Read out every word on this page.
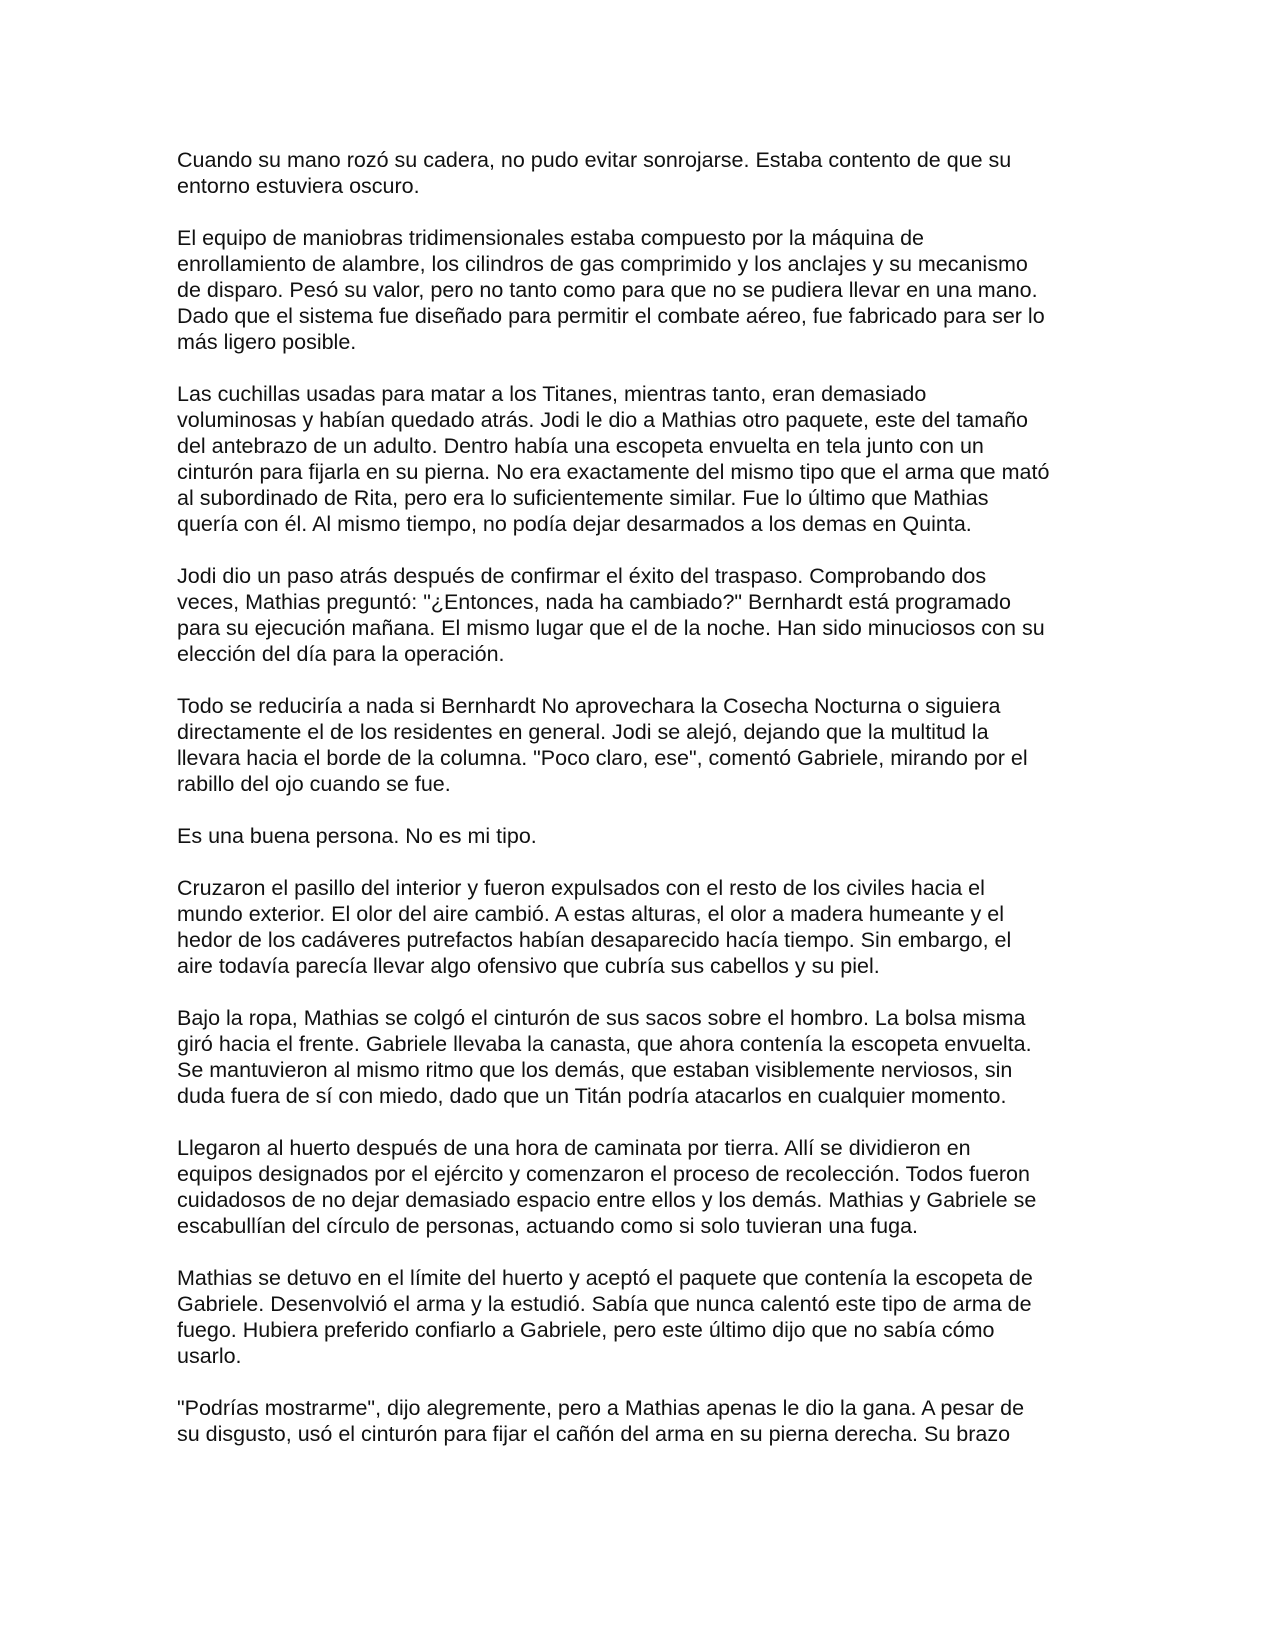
Cuando su mano rozó su cadera, no pudo evitar sonrojarse. Estaba contento de que su
entorno estuviera oscuro.

El equipo de maniobras tridimensionales estaba compuesto por la máquina de
enrollamiento de alambre, los cilindros de gas comprimido y los anclajes y su mecanismo
de disparo. Pesó su valor, pero no tanto como para que no se pudiera llevar en una mano.
Dado que el sistema fue diseñado para permitir el combate aéreo, fue fabricado para ser lo
más ligero posible.

Las cuchillas usadas para matar a los Titanes, mientras tanto, eran demasiado
voluminosas y habían quedado atrás. Jodi le dio a Mathias otro paquete, este del tamaño
del antebrazo de un adulto. Dentro había una escopeta envuelta en tela junto con un
cinturón para fijarla en su pierna. No era exactamente del mismo tipo que el arma que mató
al subordinado de Rita, pero era lo suficientemente similar. Fue lo último que Mathias
quería con él. Al mismo tiempo, no podía dejar desarmados a los demas en Quinta.

Jodi dio un paso atrás después de confirmar el éxito del traspaso. Comprobando dos
veces, Mathias preguntó: "¿Entonces, nada ha cambiado?" Bernhardt está programado
para su ejecución mañana. El mismo lugar que el de la noche. Han sido minuciosos con su
elección del día para la operación.

Todo se reduciría a nada si Bernhardt No aprovechara la Cosecha Nocturna o siguiera
directamente el de los residentes en general. Jodi se alejó, dejando que la multitud la
llevara hacia el borde de la columna. "Poco claro, ese", comentó Gabriele, mirando por el
rabillo del ojo cuando se fue.

Es una buena persona. No es mi tipo.

Cruzaron el pasillo del interior y fueron expulsados con el resto de los civiles hacia el
mundo exterior. El olor del aire cambió. A estas alturas, el olor a madera humeante y el
hedor de los cadáveres putrefactos habían desaparecido hacía tiempo. Sin embargo, el
aire todavía parecía llevar algo ofensivo que cubría sus cabellos y su piel.

Bajo la ropa, Mathias se colgó el cinturón de sus sacos sobre el hombro. La bolsa misma
giró hacia el frente. Gabriele llevaba la canasta, que ahora contenía la escopeta envuelta.
Se mantuvieron al mismo ritmo que los demás, que estaban visiblemente nerviosos, sin
duda fuera de sí con miedo, dado que un Titán podría atacarlos en cualquier momento.

Llegaron al huerto después de una hora de caminata por tierra. Allí se dividieron en
equipos designados por el ejército y comenzaron el proceso de recolección. Todos fueron
cuidadosos de no dejar demasiado espacio entre ellos y los demás. Mathias y Gabriele se
escabullían del círculo de personas, actuando como si solo tuvieran una fuga.

Mathias se detuvo en el límite del huerto y aceptó el paquete que contenía la escopeta de
Gabriele. Desenvolvió el arma y la estudió. Sabía que nunca calentó este tipo de arma de
fuego. Hubiera preferido confiarlo a Gabriele, pero este último dijo que no sabía cómo
usarlo.

"Podrías mostrarme", dijo alegremente, pero a Mathias apenas le dio la gana. A pesar de
su disgusto, usó el cinturón para fijar el cañón del arma en su pierna derecha. Su brazo
